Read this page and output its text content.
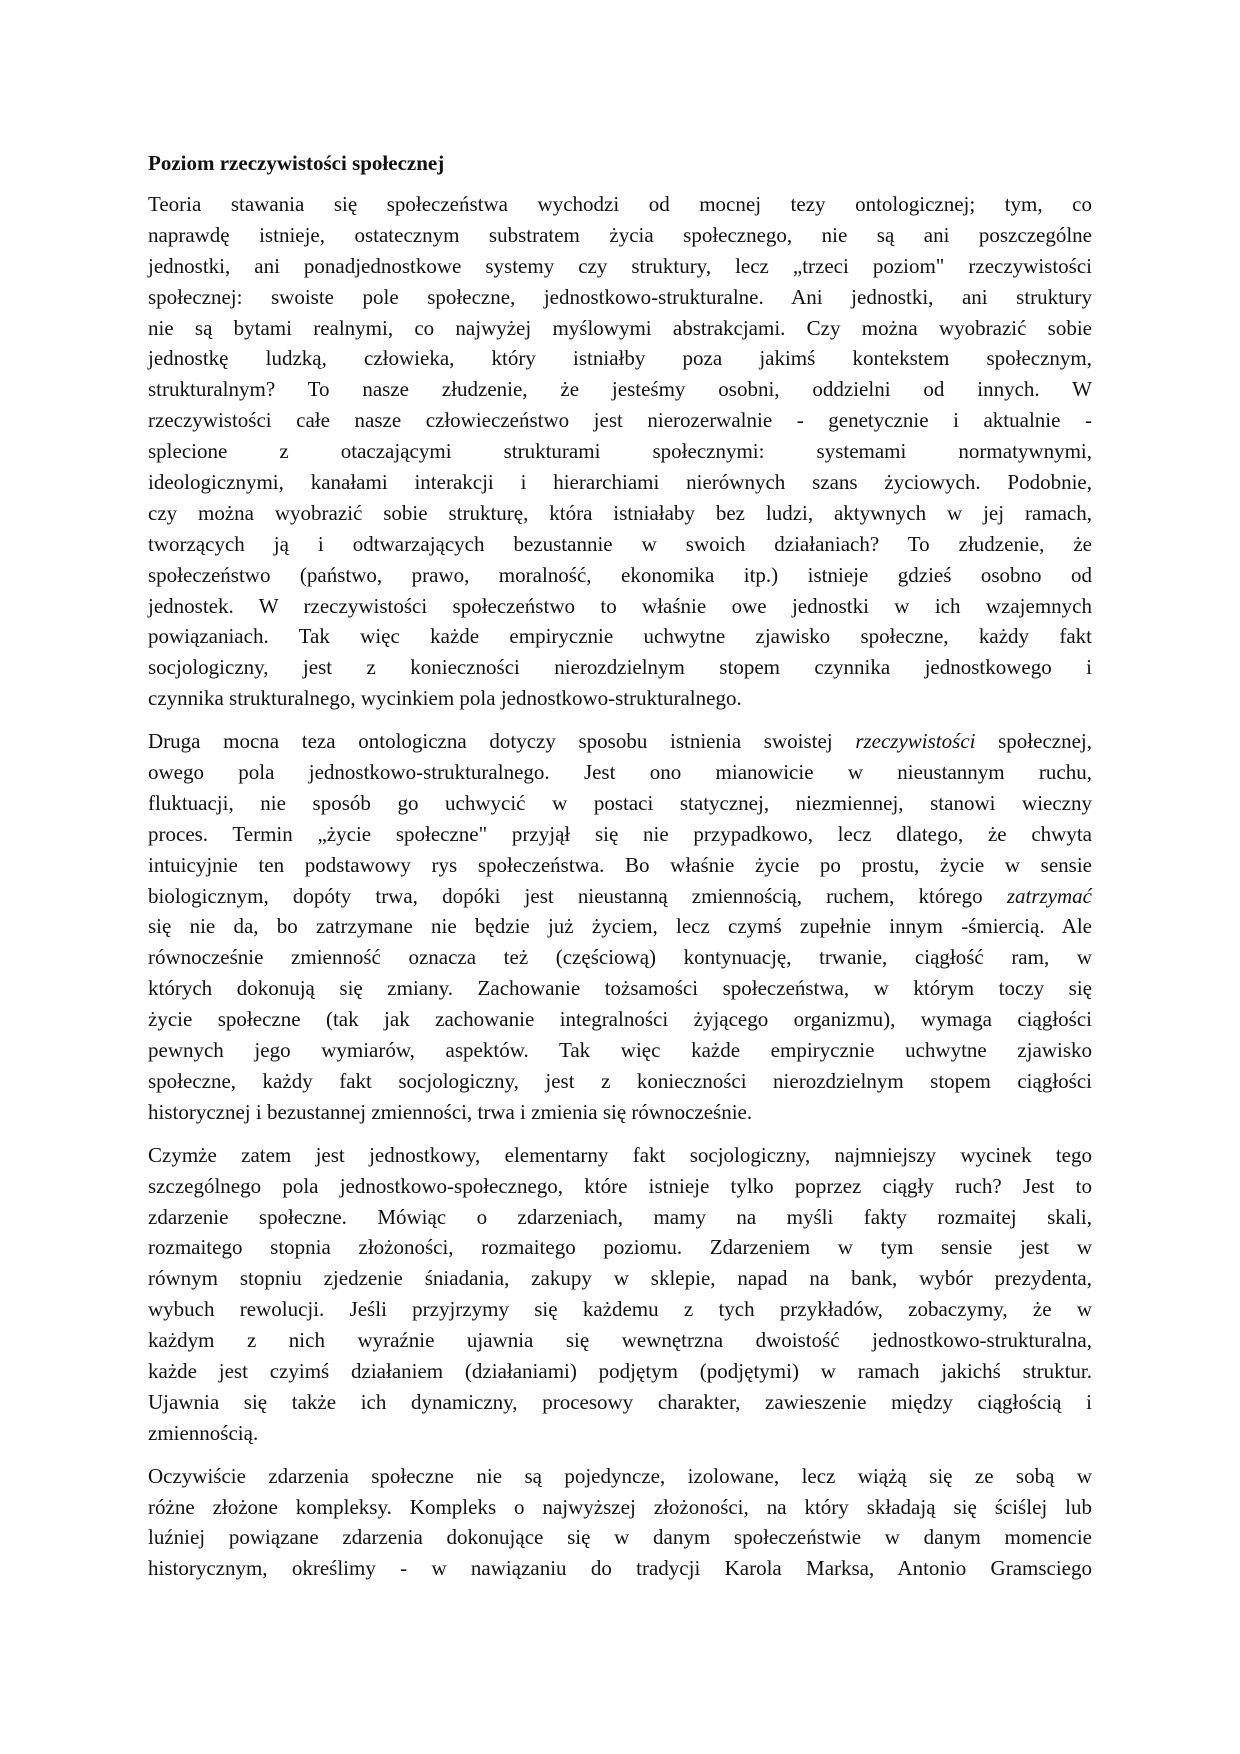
Poziom rzeczywistości społecznej
Teoria stawania się społeczeństwa wychodzi od mocnej tezy ontologicznej; tym, co
naprawdę istnieje, ostatecznym substratem życia społecznego, nie są ani poszczególne
jednostki, ani ponadjednostkowe systemy czy struktury, lecz „trzeci poziom" rzeczywistości
społecznej: swoiste pole społeczne, jednostkowo-strukturalne. Ani jednostki, ani struktury
nie są bytami realnymi, co najwyżej myślowymi abstrakcjami. Czy można wyobrazić sobie
jednostkę ludzką, człowieka, który istniałby poza jakimś kontekstem społecznym,
strukturalnym? To nasze złudzenie, że jesteśmy osobni, oddzielni od innych. W
rzeczywistości całe nasze człowieczeństwo jest nierozerwalnie - genetycznie i aktualnie -
splecione z otaczającymi strukturami społecznymi: systemami normatywnymi,
ideologicznymi, kanałami interakcji i hierarchiami nierównych szans życiowych. Podobnie,
czy można wyobrazić sobie strukturę, która istniałaby bez ludzi, aktywnych w jej ramach,
tworzących ją i odtwarzających bezustannie w swoich działaniach? To złudzenie, że
społeczeństwo (państwo, prawo, moralność, ekonomika itp.) istnieje gdzieś osobno od
jednostek. W rzeczywistości społeczeństwo to właśnie owe jednostki w ich wzajemnych
powiązaniach. Tak więc każde empirycznie uchwytne zjawisko społeczne, każdy fakt
socjologiczny, jest z konieczności nierozdzielnym stopem czynnika jednostkowego i
czynnika strukturalnego, wycinkiem pola jednostkowo-strukturalnego.
Druga mocna teza ontologiczna dotyczy sposobu istnienia swoistej rzeczywistości społecznej,
owego pola jednostkowo-strukturalnego. Jest ono mianowicie w nieustannym ruchu,
fluktuacji, nie sposób go uchwycić w postaci statycznej, niezmiennej, stanowi wieczny
proces. Termin „życie społeczne" przyjął się nie przypadkowo, lecz dlatego, że chwyta
intuicyjnie ten podstawowy rys społeczeństwa. Bo właśnie życie po prostu, życie w sensie
biologicznym, dopóty trwa, dopóki jest nieustanną zmiennością, ruchem, którego zatrzymać
się nie da, bo zatrzymane nie będzie już życiem, lecz czymś zupełnie innym -śmiercią. Ale
równocześnie zmienność oznacza też (częściową) kontynuację, trwanie, ciągłość ram, w
których dokonują się zmiany. Zachowanie tożsamości społeczeństwa, w którym toczy się
życie społeczne (tak jak zachowanie integralności żyjącego organizmu), wymaga ciągłości
pewnych jego wymiarów, aspektów. Tak więc każde empirycznie uchwytne zjawisko
społeczne, każdy fakt socjologiczny, jest z konieczności nierozdzielnym stopem ciągłości
historycznej i bezustannej zmienności, trwa i zmienia się równocześnie.
Czymże zatem jest jednostkowy, elementarny fakt socjologiczny, najmniejszy wycinek tego
szczególnego pola jednostkowo-społecznego, które istnieje tylko poprzez ciągły ruch? Jest to
zdarzenie społeczne. Mówiąc o zdarzeniach, mamy na myśli fakty rozmaitej skali,
rozmaitego stopnia złożoności, rozmaitego poziomu. Zdarzeniem w tym sensie jest w
równym stopniu zjedzenie śniadania, zakupy w sklepie, napad na bank, wybór prezydenta,
wybuch rewolucji. Jeśli przyjrzymy się każdemu z tych przykładów, zobaczymy, że w
każdym z nich wyraźnie ujawnia się wewnętrzna dwoistość jednostkowo-strukturalna,
każde jest czyimś działaniem (działaniami) podjętym (podjętymi) w ramach jakichś struktur.
Ujawnia się także ich dynamiczny, procesowy charakter, zawieszenie między ciągłością i
zmiennością.
Oczywiście zdarzenia społeczne nie są pojedyncze, izolowane, lecz wiążą się ze sobą w
różne złożone kompleksy. Kompleks o najwyższej złożoności, na który składają się ściślej lub
luźniej powiązane zdarzenia dokonujące się w danym społeczeństwie w danym momencie
historycznym, określimy - w nawiązaniu do tradycji Karola Marksa, Antonio Gramsciego
